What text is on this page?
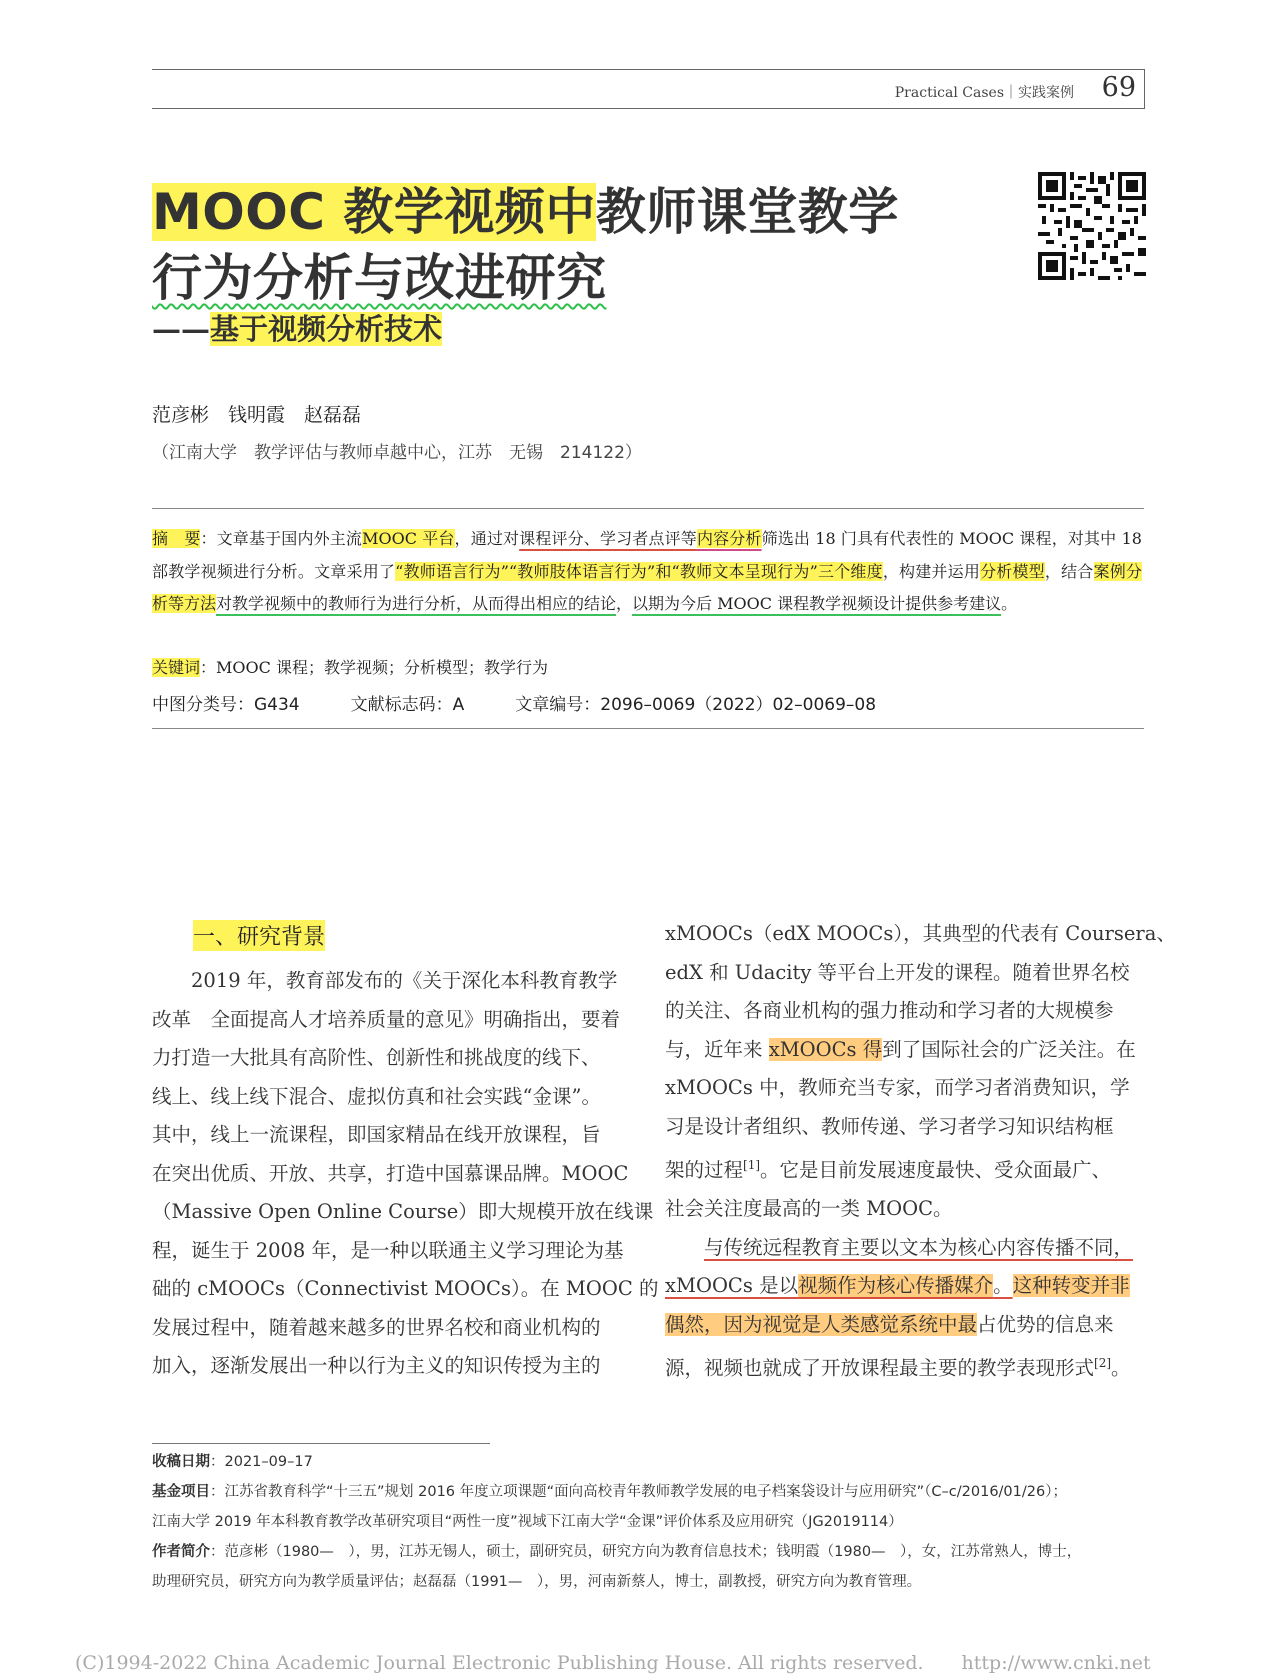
Practical Cases｜实践案例 69
MOOC 教学视频中教师课堂教学
行为分析与改进研究
——基于视频分析技术
范彦彬　钱明霞　赵磊磊
（江南大学　教学评估与教师卓越中心，江苏　无锡　214122）
摘　要：文章基于国内外主流MOOC 平台，通过对课程评分、学习者点评等内容分析筛选出 18 门具有代表性的 MOOC 课程，对其中 18 部教学视频进行分析。文章采用了“教师语言行为”“教师肢体语言行为”和“教师文本呈现行为”三个维度，构建并运用分析模型，结合案例分析等方法对教学视频中的教师行为进行分析，从而得出相应的结论，以期为今后 MOOC 课程教学视频设计提供参考建议。
关键词：MOOC 课程；教学视频；分析模型；教学行为
中图分类号：G434　　　文献标志码：A　　　文章编号：2096–0069（2022）02–0069–08
一、研究背景
2019 年，教育部发布的《关于深化本科教育教学
改革　全面提高人才培养质量的意见》明确指出，要着
力打造一大批具有高阶性、创新性和挑战度的线下、
线上、线上线下混合、虚拟仿真和社会实践“金课”。
其中，线上一流课程，即国家精品在线开放课程，旨
在突出优质、开放、共享，打造中国慕课品牌。MOOC
（Massive Open Online Course）即大规模开放在线课
程，诞生于 2008 年，是一种以联通主义学习理论为基
础的 cMOOCs（Connectivist MOOCs）。在 MOOC 的
发展过程中，随着越来越多的世界名校和商业机构的
加入，逐渐发展出一种以行为主义的知识传授为主的
xMOOCs（edX MOOCs），其典型的代表有 Coursera、
edX 和 Udacity 等平台上开发的课程。随着世界名校
的关注、各商业机构的强力推动和学习者的大规模参
与，近年来 xMOOCs 得到了国际社会的广泛关注。在
xMOOCs 中，教师充当专家，而学习者消费知识，学
习是设计者组织、教师传递、学习者学习知识结构框
架的过程[1]。它是目前发展速度最快、受众面最广、
社会关注度最高的一类 MOOC。
与传统远程教育主要以文本为核心内容传播不同，
xMOOCs 是以视频作为核心传播媒介。这种转变并非
偶然，因为视觉是人类感觉系统中最占优势的信息来
源，视频也就成了开放课程最主要的教学表现形式[2]。
收稿日期：2021–09–17
基金项目：江苏省教育科学“十三五”规划 2016 年度立项课题“面向高校青年教师教学发展的电子档案袋设计与应用研究”（C–c/2016/01/26）；
江南大学 2019 年本科教育教学改革研究项目“两性一度”视域下江南大学“金课”评价体系及应用研究（JG2019114）
作者简介：范彦彬（1980—　），男，江苏无锡人，硕士，副研究员，研究方向为教育信息技术；钱明霞（1980—　），女，江苏常熟人，博士，
助理研究员，研究方向为教学质量评估；赵磊磊（1991—　），男，河南新蔡人，博士，副教授，研究方向为教育管理。
(C)1994-2022 China Academic Journal Electronic Publishing House. All rights reserved.　　http://www.cnki.net
